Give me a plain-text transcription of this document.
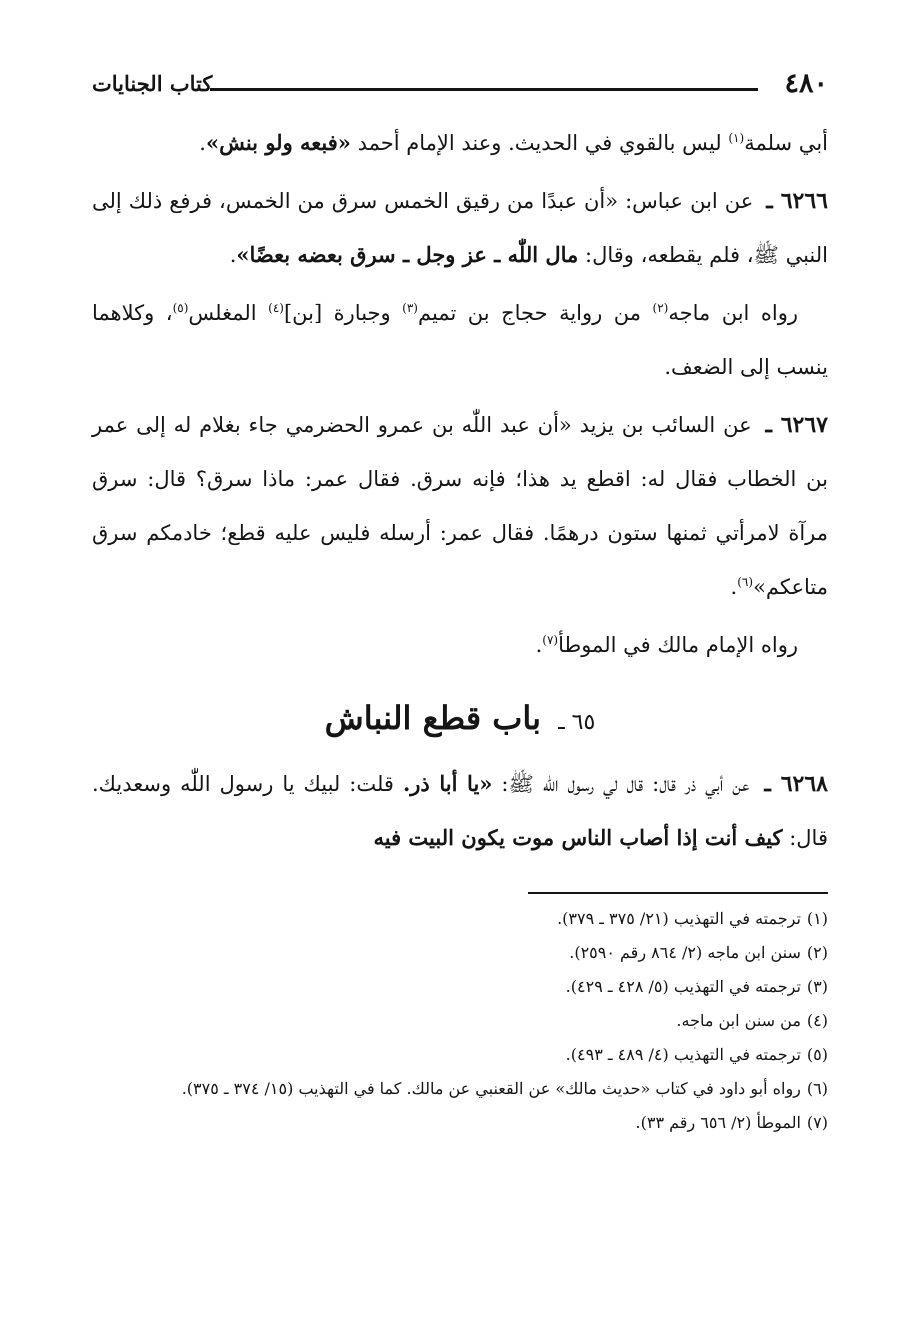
٤٨٠
كتاب الجنايات

أبي سلمة$^{(١)}$ ليس بالقوي في الحديث. وعند الإمام أحمد «فبعه ولو بنش».

٦٢٦٦ ـ عن ابن عباس: «أن عبدًا من رقيق الخمس سرق من الخمس، فرفع ذلك إلى النبي ﷺ، فلم يقطعه، وقال: مال اللّٰه ـ عز وجل ـ سرق بعضه بعضًا».

رواه ابن ماجه$^{(٢)}$ من رواية حجاج بن تميم$^{(٣)}$ وجبارة [بن]$^{(٤)}$ المغلس$^{(٥)}$، وكلاهما ينسب إلى الضعف.

٦٢٦٧ ـ عن السائب بن يزيد «أن عبد اللّٰه بن عمرو الحضرمي جاء بغلام له إلى عمر بن الخطاب فقال له: اقطع يد هذا؛ فإنه سرق. فقال عمر: ماذا سرق؟ قال: سرق مرآة لامرأتي ثمنها ستون درهمًا. فقال عمر: أرسله فليس عليه قطع؛ خادمكم سرق متاعكم»$^{(٦)}$.

رواه الإمام مالك في الموطأ$^{(٧)}$.

٦٥ ـ باب قطع النباش

٦٢٦٨ ـ عن أبي ذر قال: قال لي رسول اللّٰه ﷺ: «يا أبا ذر. قلت: لبيك يا رسول اللّٰه وسعديك. قال: كيف أنت إذا أصاب الناس موت يكون البيت فيه

(١)ترجمته في التهذيب (٢١/ ٣٧٥ ـ ٣٧٩).

(٢)سنن ابن ماجه (٢/ ٨٦٤ رقم ٢٥٩٠).

(٣)ترجمته في التهذيب (٥/ ٤٢٨ ـ ٤٢٩).

(٤)من سنن ابن ماجه.

(٥)ترجمته في التهذيب (٤/ ٤٨٩ ـ ٤٩٣).

(٦)رواه أبو داود في كتاب «حديث مالك» عن القعنبي عن مالك. كما في التهذيب (١٥/ ٣٧٤ ـ ٣٧٥).

(٧)الموطأ (٢/ ٦٥٦ رقم ٣٣).
